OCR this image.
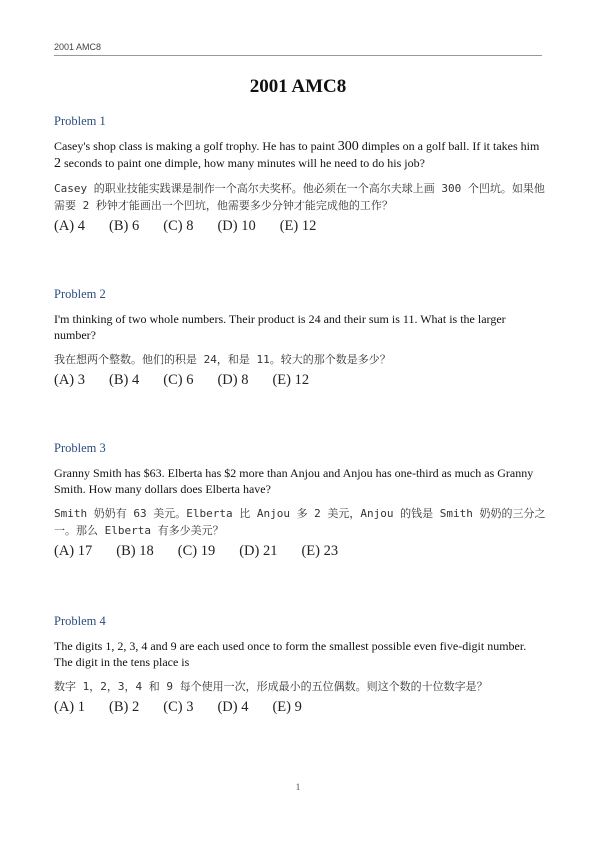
2001 AMC8
2001 AMC8
Problem 1
Casey's shop class is making a golf trophy. He has to paint 300 dimples on a golf ball. If it takes him 2 seconds to paint one dimple, how many minutes will he need to do his job?
Casey 的职业技能实践课是制作一个高尔夫奖杯。他必须在一个高尔夫球上画 300 个凹坑。如果他需要 2 秒钟才能画出一个凹坑，他需要多少分钟才能完成他的工作？
(A) 4 (B) 6 (C) 8 (D) 10 (E) 12
Problem 2
I'm thinking of two whole numbers. Their product is 24 and their sum is 11. What is the larger number?
我在想两个整数。他们的积是 24，和是 11。较大的那个数是多少？
(A) 3 (B) 4 (C) 6 (D) 8 (E) 12
Problem 3
Granny Smith has $63. Elberta has $2 more than Anjou and Anjou has one-third as much as Granny Smith. How many dollars does Elberta have?
Smith 奶奶有 63 美元。Elberta 比 Anjou 多 2 美元，Anjou 的钱是 Smith 奶奶的三分之一。那么 Elberta 有多少美元？
(A) 17 (B) 18 (C) 19 (D) 21 (E) 23
Problem 4
The digits 1, 2, 3, 4 and 9 are each used once to form the smallest possible even five-digit number. The digit in the tens place is
数字 1，2，3，4 和 9 每个使用一次，形成最小的五位偶数。则这个数的十位数字是？
(A) 1 (B) 2 (C) 3 (D) 4 (E) 9
1
